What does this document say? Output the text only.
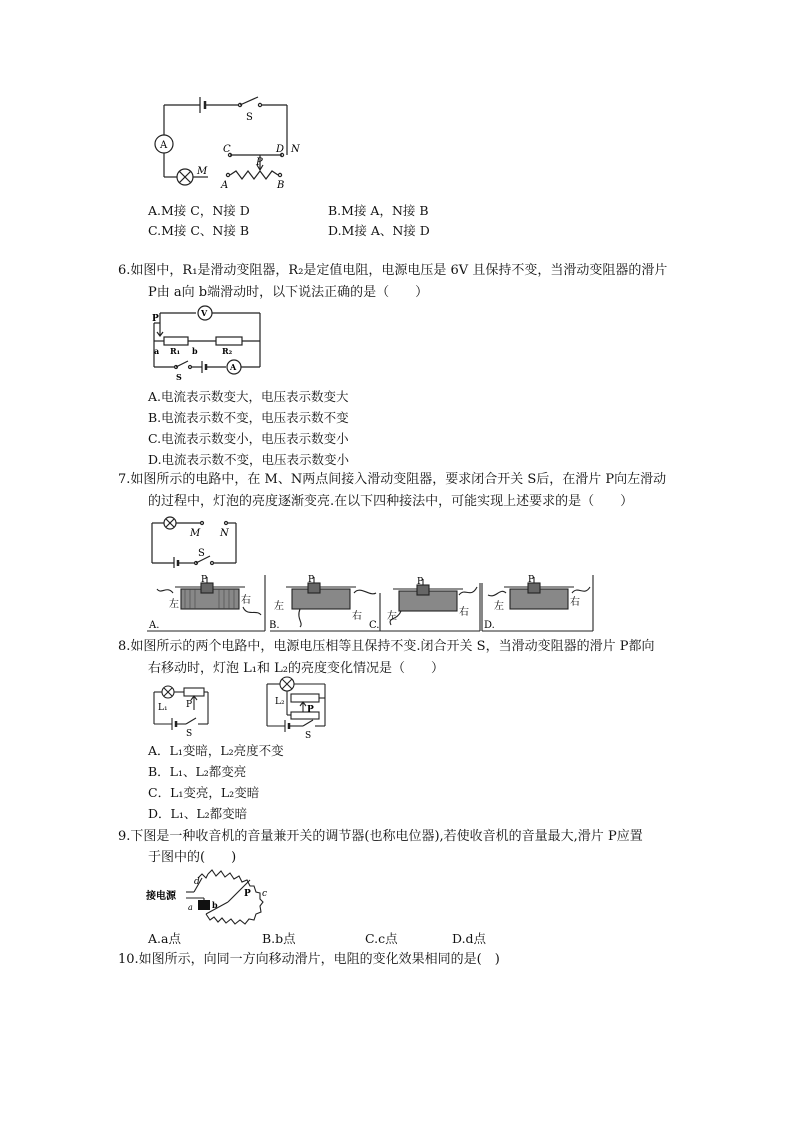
A
S
C	D N
P
M
A	B
A.M接 C，N接 D	B.M接 A，N接 B
C.M接 C、N接 B	D.M接 A、N接 D
6.如图中，R₁是滑动变阻器，R₂是定值电阻，电源电压是 6V 且保持不变，当滑动变阻器的滑片
P由 a向 b端滑动时，以下说法正确的是（　　）
P
V
a R₁ b	R₂
S
A
A.电流表示数变大，电压表示数变大
B.电流表示数不变，电压表示数不变
C.电流表示数变小，电压表示数变小
D.电流表示数不变，电压表示数变小
7.如图所示的电路中，在 M、N两点间接入滑动变阻器，要求闭合开关 S后，在滑片 P向左滑动
的过程中，灯泡的亮度逐渐变亮.在以下四种接法中，可能实现上述要求的是（　　）
M N
S
A.
左	右
P
左
右
P
B.	C.
左	右
P
D.
左	右
P
8.如图所示的两个电路中，电源电压相等且保持不变.闭合开关 S，当滑动变阻器的滑片 P都向
右移动时，灯泡 L₁和 L₂的亮度变化情况是（　　）
L₁ P
S
L₂
P
S
A．L₁变暗，L₂亮度不变
B．L₁、L₂都变亮
C．L₁变亮，L₂变暗
D．L₁、L₂都变暗
9.下图是一种收音机的音量兼开关的调节器(也称电位器),若使收音机的音量最大,滑片 P应置
于图中的(　　)
接电源
d
a b
P c
A.a点	B.b点	C.c点	D.d点
10.如图所示，向同一方向移动滑片，电阻的变化效果相同的是(　)
